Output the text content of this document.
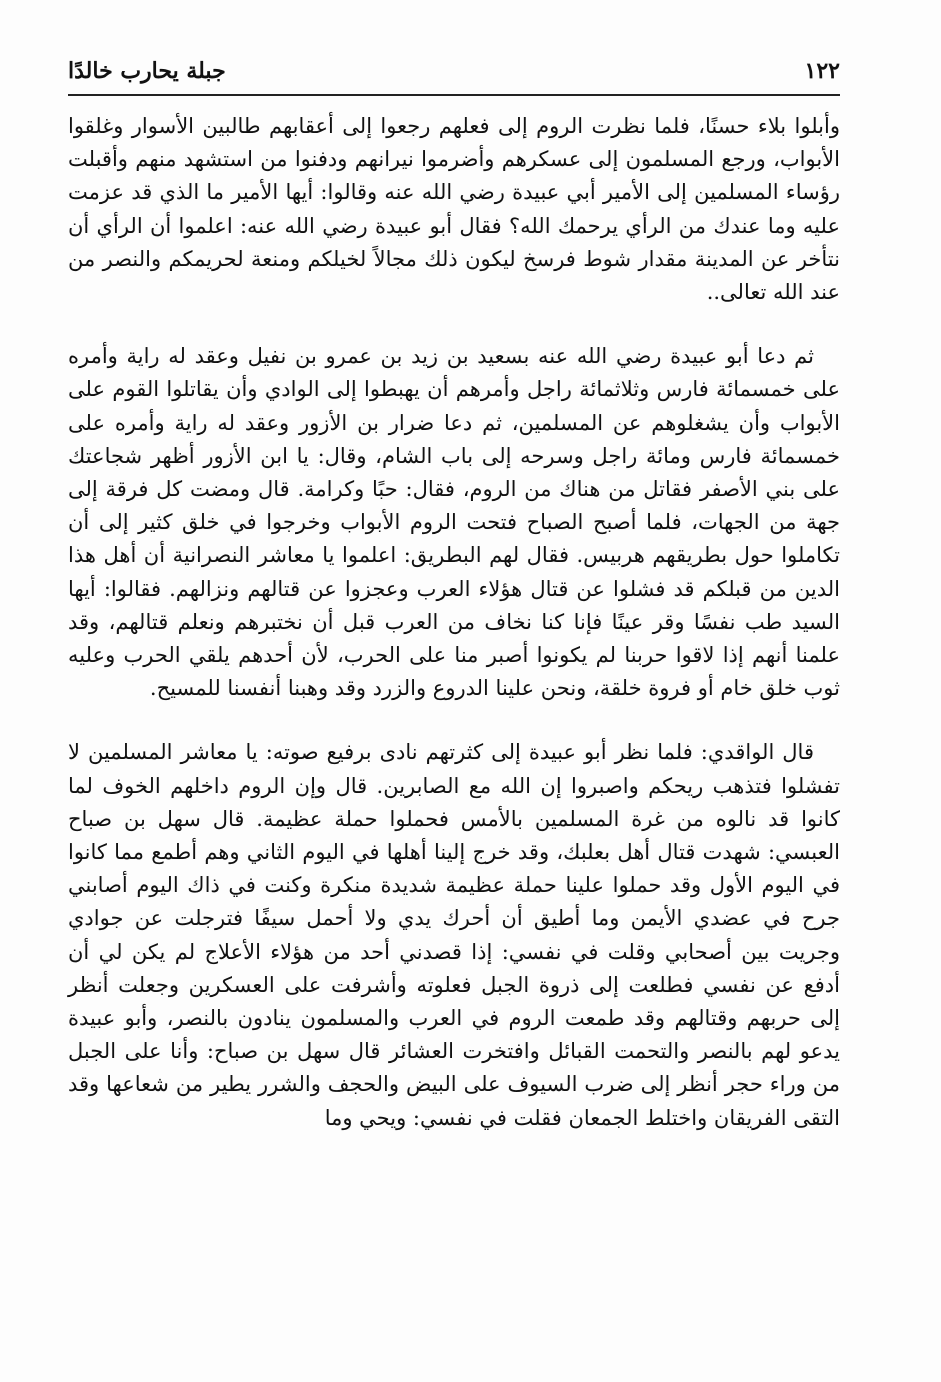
١٢٢
جبلة يحارب خالدًا

وأبلوا بلاء حسنًا، فلما نظرت الروم إلى فعلهم رجعوا إلى أعقابهم طالبين الأسوار وغلقوا الأبواب، ورجع المسلمون إلى عسكرهم وأضرموا نيرانهم ودفنوا من استشهد منهم وأقبلت رؤساء المسلمين إلى الأمير أبي عبيدة رضي الله عنه وقالوا: أيها الأمير ما الذي قد عزمت عليه وما عندك من الرأي يرحمك الله؟ فقال أبو عبيدة رضي الله عنه: اعلموا أن الرأي أن نتأخر عن المدينة مقدار شوط فرسخ ليكون ذلك مجالاً لخيلكم ومنعة لحريمكم والنصر من عند الله تعالى..

ثم دعا أبو عبيدة رضي الله عنه بسعيد بن زيد بن عمرو بن نفيل وعقد له راية وأمره على خمسمائة فارس وثلاثمائة راجل وأمرهم أن يهبطوا إلى الوادي وأن يقاتلوا القوم على الأبواب وأن يشغلوهم عن المسلمين، ثم دعا ضرار بن الأزور وعقد له راية وأمره على خمسمائة فارس ومائة راجل وسرحه إلى باب الشام، وقال: يا ابن الأزور أظهر شجاعتك على بني الأصفر فقاتل من هناك من الروم، فقال: حبًا وكرامة. قال ومضت كل فرقة إلى جهة من الجهات، فلما أصبح الصباح فتحت الروم الأبواب وخرجوا في خلق كثير إلى أن تكاملوا حول بطريقهم هربيس. فقال لهم البطريق: اعلموا يا معاشر النصرانية أن أهل هذا الدين من قبلكم قد فشلوا عن قتال هؤلاء العرب وعجزوا عن قتالهم ونزالهم. فقالوا: أيها السيد طب نفسًا وقر عينًا فإنا كنا نخاف من العرب قبل أن نختبرهم ونعلم قتالهم، وقد علمنا أنهم إذا لاقوا حربنا لم يكونوا أصبر منا على الحرب، لأن أحدهم يلقي الحرب وعليه ثوب خلق خام أو فروة خلقة، ونحن علينا الدروع والزرد وقد وهبنا أنفسنا للمسيح.

قال الواقدي: فلما نظر أبو عبيدة إلى كثرتهم نادى برفيع صوته: يا معاشر المسلمين لا تفشلوا فتذهب ريحكم واصبروا إن الله مع الصابرين. قال وإن الروم داخلهم الخوف لما كانوا قد نالوه من غرة المسلمين بالأمس فحملوا حملة عظيمة. قال سهل بن صباح العبسي: شهدت قتال أهل بعلبك، وقد خرج إلينا أهلها في اليوم الثاني وهم أطمع مما كانوا في اليوم الأول وقد حملوا علينا حملة عظيمة شديدة منكرة وكنت في ذاك اليوم أصابني جرح في عضدي الأيمن وما أطيق أن أحرك يدي ولا أحمل سيفًا فترجلت عن جوادي وجريت بين أصحابي وقلت في نفسي: إذا قصدني أحد من هؤلاء الأعلاج لم يكن لي أن أدفع عن نفسي فطلعت إلى ذروة الجبل فعلوته وأشرفت على العسكرين وجعلت أنظر إلى حربهم وقتالهم وقد طمعت الروم في العرب والمسلمون ينادون بالنصر، وأبو عبيدة يدعو لهم بالنصر والتحمت القبائل وافتخرت العشائر قال سهل بن صباح: وأنا على الجبل من وراء حجر أنظر إلى ضرب السيوف على البيض والحجف والشرر يطير من شعاعها وقد التقى الفريقان واختلط الجمعان فقلت في نفسي: ويحي وما
